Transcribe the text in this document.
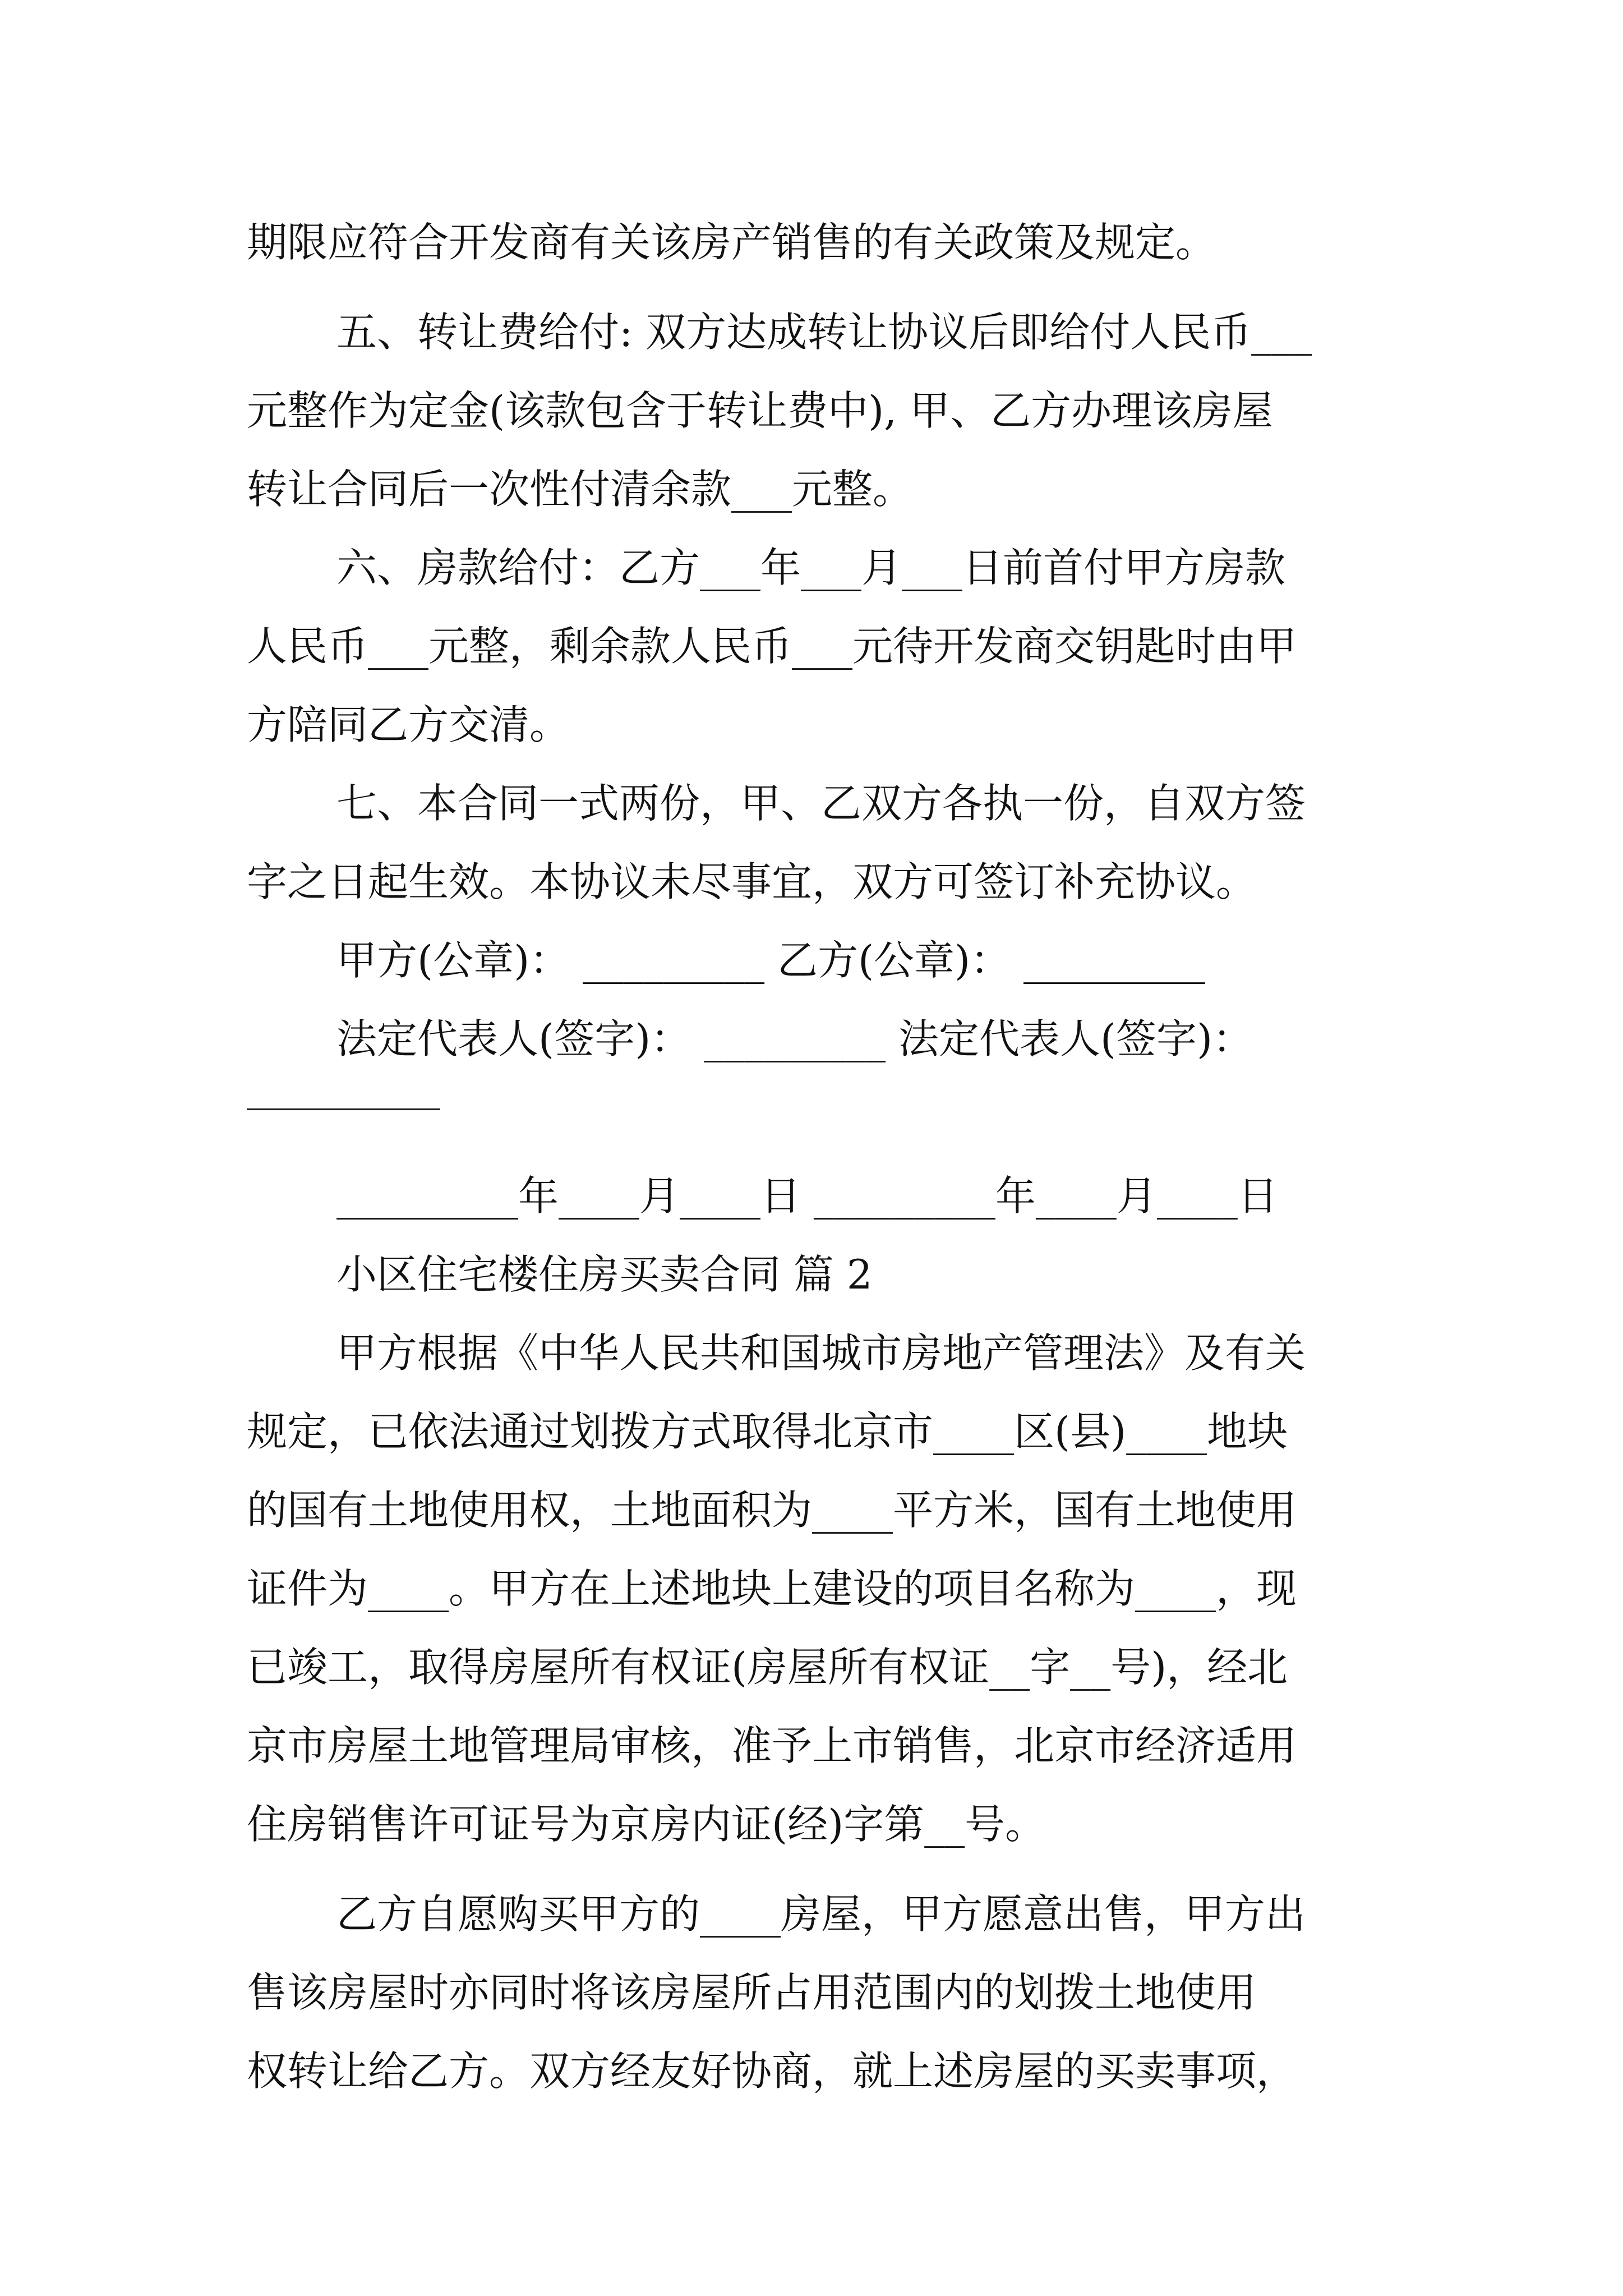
期限应符合开发商有关该房产销售的有关政策及规定。
五、转让费给付: 双方达成转让协议后即给付人民币___
元整作为定金(该款包含于转让费中), 甲、乙方办理该房屋
转让合同后一次性付清余款___元整。
六、房款给付：乙方___年___月___日前首付甲方房款
人民币___元整，剩余款人民币___元待开发商交钥匙时由甲
方陪同乙方交清。
七、本合同一式两份，甲、乙双方各执一份，自双方签
字之日起生效。本协议未尽事宜，双方可签订补充协议。
甲方(公章)： _________ 乙方(公章)： _________
法定代表人(签字)： _________ 法定代表人(签字)：
_________年____月____日 _________年____月____日
小区住宅楼住房买卖合同 篇 2
甲方根据《中华人民共和国城市房地产管理法》及有关
规定，已依法通过划拨方式取得北京市____区(县)____地块
的国有土地使用权，土地面积为____平方米，国有土地使用
证件为____。甲方在上述地块上建设的项目名称为____，现
已竣工，取得房屋所有权证(房屋所有权证__字__号)，经北
京市房屋土地管理局审核，准予上市销售，北京市经济适用
住房销售许可证号为京房内证(经)字第__号。
乙方自愿购买甲方的____房屋，甲方愿意出售，甲方出
售该房屋时亦同时将该房屋所占用范围内的划拨土地使用
权转让给乙方。双方经友好协商，就上述房屋的买卖事项，
